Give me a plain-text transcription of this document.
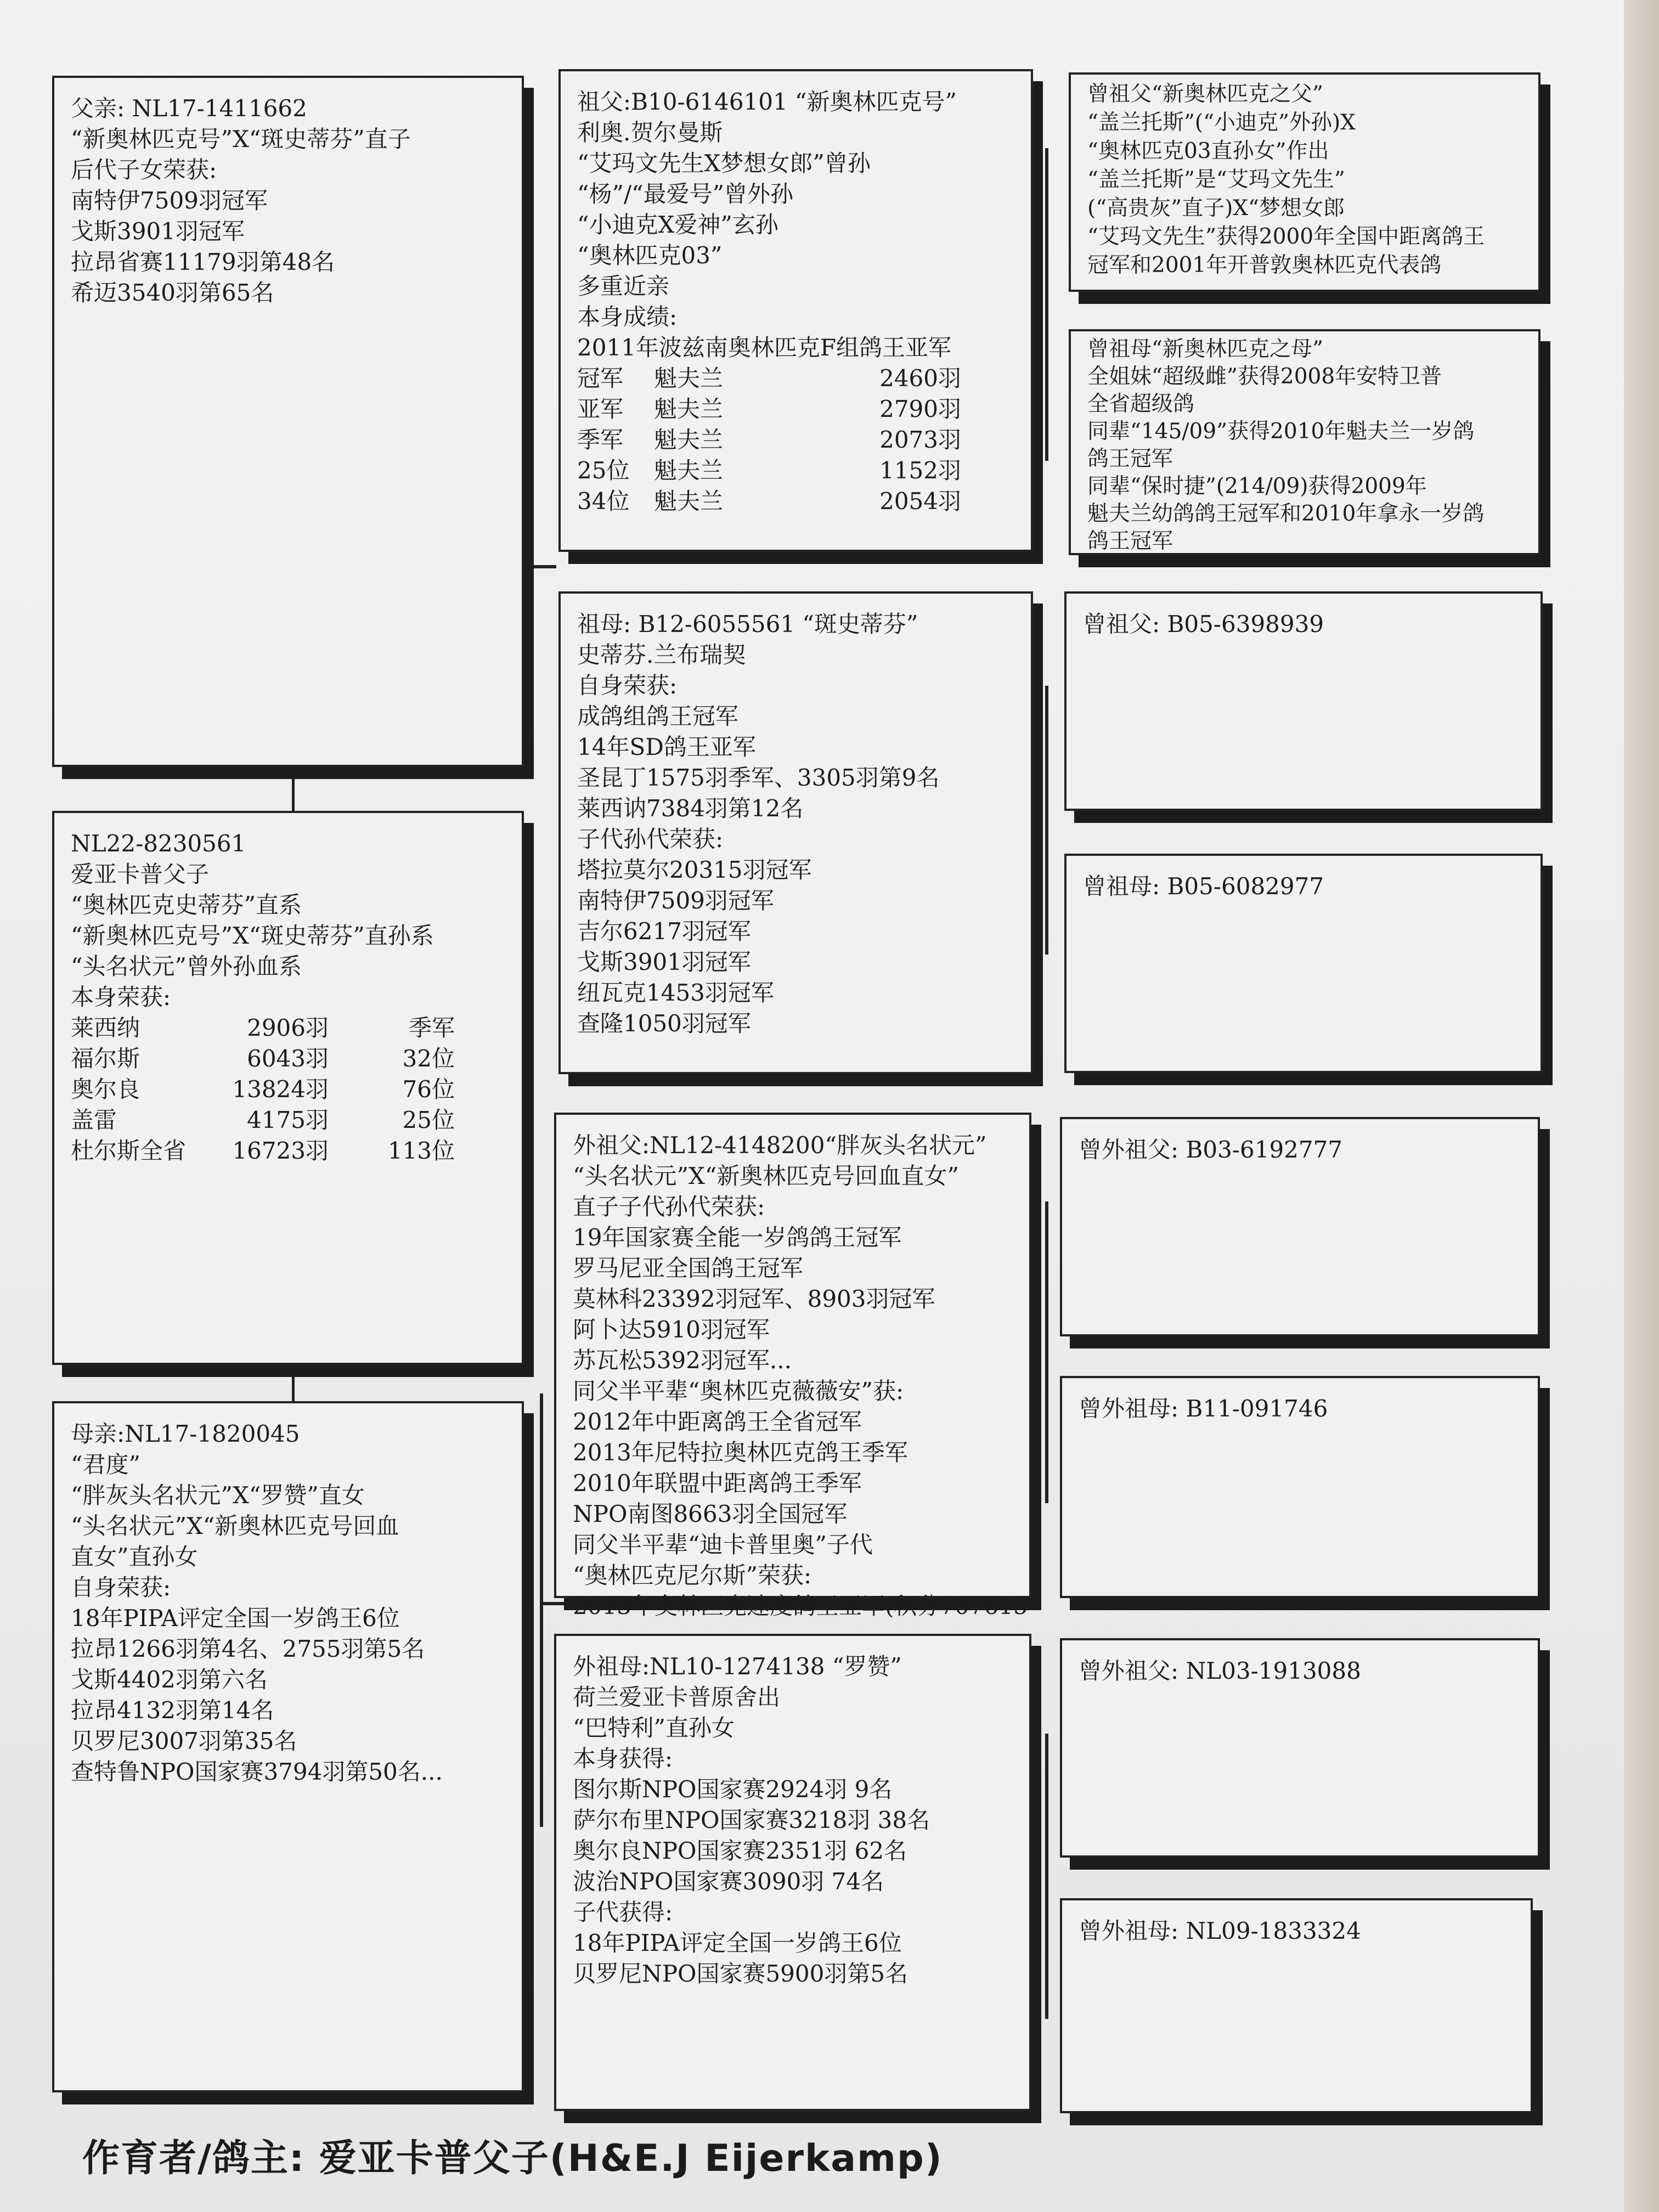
父亲: NL17-1411662
“新奥林匹克号”X“斑史蒂芬”直子
后代子女荣获:
南特伊7509羽冠军
戈斯3901羽冠军
拉昂省赛11179羽第48名
希迈3540羽第65名
NL22-8230561
爱亚卡普父子
“奥林匹克史蒂芬”直系
“新奥林匹克号”X“斑史蒂芬”直孙系
“头名状元”曾外孙血系
本身荣获:
莱西纳	2906羽	季军
福尔斯	6043羽	32位
奥尔良	13824羽	76位
盖雷	4175羽	25位
杜尔斯全省	16723羽	113位
母亲:NL17-1820045
“君度”
“胖灰头名状元”X“罗赞”直女
“头名状元”X“新奥林匹克号回血
直女”直孙女
自身荣获:
18年PIPA评定全国一岁鸽王6位
拉昂1266羽第4名、2755羽第5名
戈斯4402羽第六名
拉昂4132羽第14名
贝罗尼3007羽第35名
查特鲁NPO国家赛3794羽第50名...
祖父:B10-6146101 “新奥林匹克号”
利奥.贺尔曼斯
“艾玛文先生X梦想女郎”曾孙
“杨”/“最爱号”曾外孙
“小迪克X爱神”玄孙
“奥林匹克03”
多重近亲
本身成绩:
2011年波兹南奥林匹克F组鸽王亚军
冠军	魁夫兰	2460羽
亚军	魁夫兰	2790羽
季军	魁夫兰	2073羽
25位	魁夫兰	1152羽
34位	魁夫兰	2054羽
祖母: B12-6055561 “斑史蒂芬”
史蒂芬.兰布瑞契
自身荣获:
成鸽组鸽王冠军
14年SD鸽王亚军
圣昆丁1575羽季军、3305羽第9名
莱西讷7384羽第12名
子代孙代荣获:
塔拉莫尔20315羽冠军
南特伊7509羽冠军
吉尔6217羽冠军
戈斯3901羽冠军
纽瓦克1453羽冠军
查隆1050羽冠军
外祖父:NL12-4148200“胖灰头名状元”
“头名状元”X“新奥林匹克号回血直女”
直子子代孙代荣获:
19年国家赛全能一岁鸽鸽王冠军
罗马尼亚全国鸽王冠军
莫林科23392羽冠军、8903羽冠军
阿卜达5910羽冠军
苏瓦松5392羽冠军...
同父半平辈“奥林匹克薇薇安”获:
2012年中距离鸽王全省冠军
2013年尼特拉奥林匹克鸽王季军
2010年联盟中距离鸽王季军
NPO南图8663羽全国冠军
同父半平辈“迪卡普里奥”子代
“奥林匹克尼尔斯”荣获:
2013年奥林匹克速度鸽王亚军(积分707615
外祖母:NL10-1274138 “罗赞”
荷兰爱亚卡普原舍出
“巴特利”直孙女
本身获得:
图尔斯NPO国家赛2924羽 9名
萨尔布里NPO国家赛3218羽 38名
奥尔良NPO国家赛2351羽 62名
波治NPO国家赛3090羽 74名
子代获得:
18年PIPA评定全国一岁鸽王6位
贝罗尼NPO国家赛5900羽第5名
曾祖父“新奥林匹克之父”
“盖兰托斯”(“小迪克”外孙)X
“奥林匹克03直孙女”作出
“盖兰托斯”是“艾玛文先生”
(“高贵灰”直子)X“梦想女郎
“艾玛文先生”获得2000年全国中距离鸽王
冠军和2001年开普敦奥林匹克代表鸽
曾祖母“新奥林匹克之母”
全姐妹“超级雌”获得2008年安特卫普
全省超级鸽
同辈“145/09”获得2010年魁夫兰一岁鸽
鸽王冠军
同辈“保时捷”(214/09)获得2009年
魁夫兰幼鸽鸽王冠军和2010年拿永一岁鸽
鸽王冠军
曾祖父: B05-6398939
曾祖母: B05-6082977
曾外祖父: B03-6192777
曾外祖母: B11-091746
曾外祖父: NL03-1913088
曾外祖母: NL09-1833324
作育者/鸽主: 爱亚卡普父子(H&E.J Eijerkamp)
